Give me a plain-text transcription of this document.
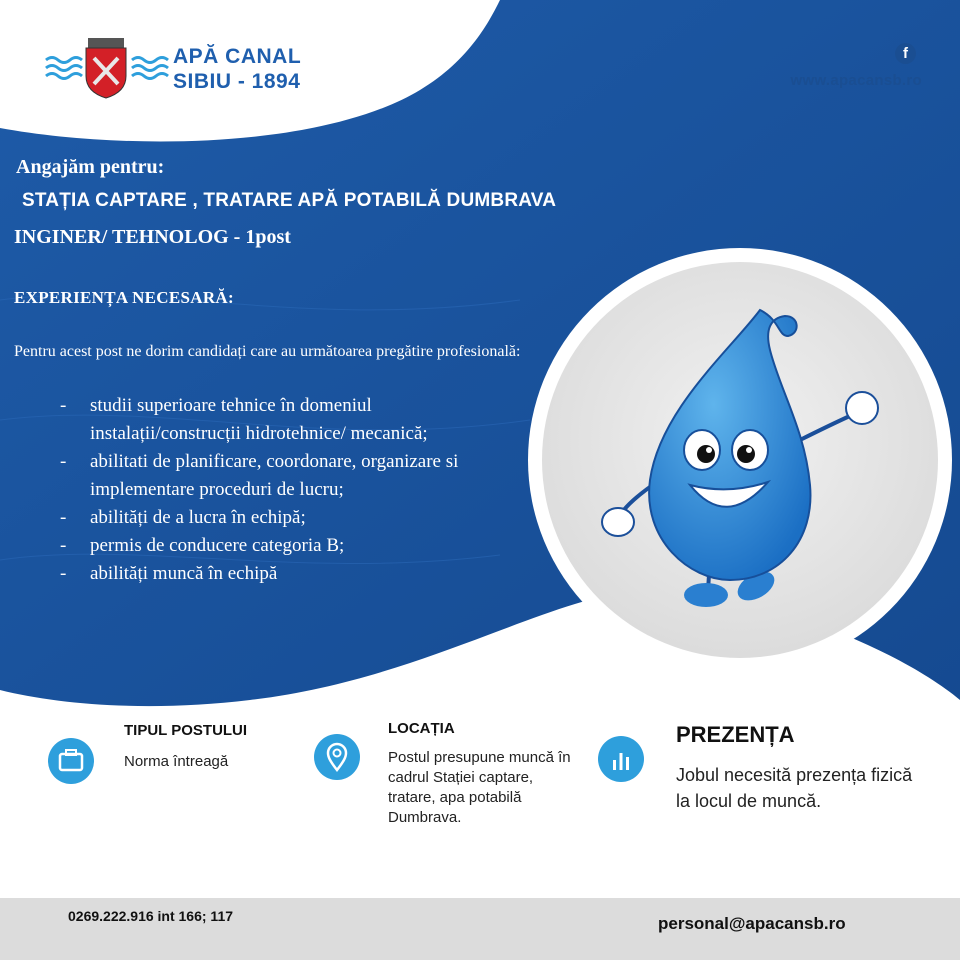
APĂ CANAL
SIBIU - 1894
f
www.apacansb.ro
Angajăm pentru:
STAȚIA CAPTARE , TRATARE APĂ POTABILĂ DUMBRAVA
INGINER/ TEHNOLOG - 1post
EXPERIENȚA NECESARĂ:
Pentru acest post ne dorim candidați care au următoarea pregătire profesională:
- studii superioare tehnice în domeniul instalații/construcții hidrotehnice/ mecanică;
- abilitati de planificare, coordonare, organizare si implementare proceduri de lucru;
- abilități de a lucra în echipă;
- permis de conducere categoria B;
- abilități muncă în echipă
TIPUL POSTULUI
Norma întreagă
LOCAȚIA
Postul presupune muncă în cadrul Stației captare, tratare, apa potabilă Dumbrava.
PREZENȚA
Jobul necesită prezența fizică la locul de muncă.
0269.222.916 int 166; 117	personal@apacansb.ro
